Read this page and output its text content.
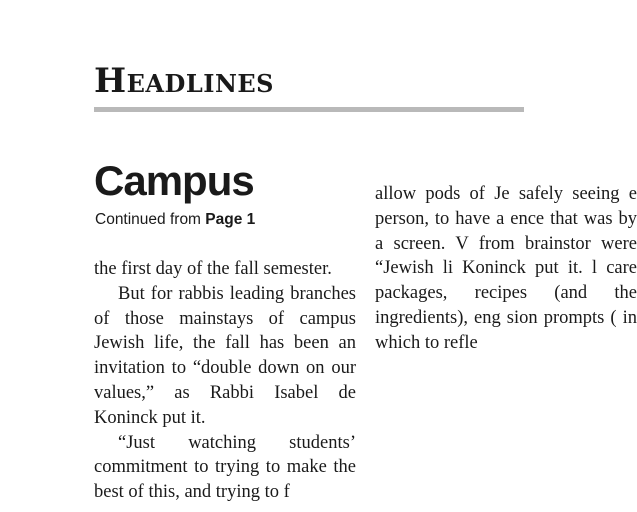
Headlines
Campus
Continued from Page 1

the first day of the fall semester.

But for rabbis leading branches of those mainstays of campus Jewish life, the fall has been an invitation to “double down on our values,” as Rabbi Isabel de Koninck put it.

“Just watching students’ commitment to trying to make the best of this, and trying to f

allow pods of Je safely seeing e person, to have a ence that was by a screen. V from brainstor were “Jewish li Koninck put it. l care packages, recipes (and the ingredients), eng sion prompts ( in which to refle
